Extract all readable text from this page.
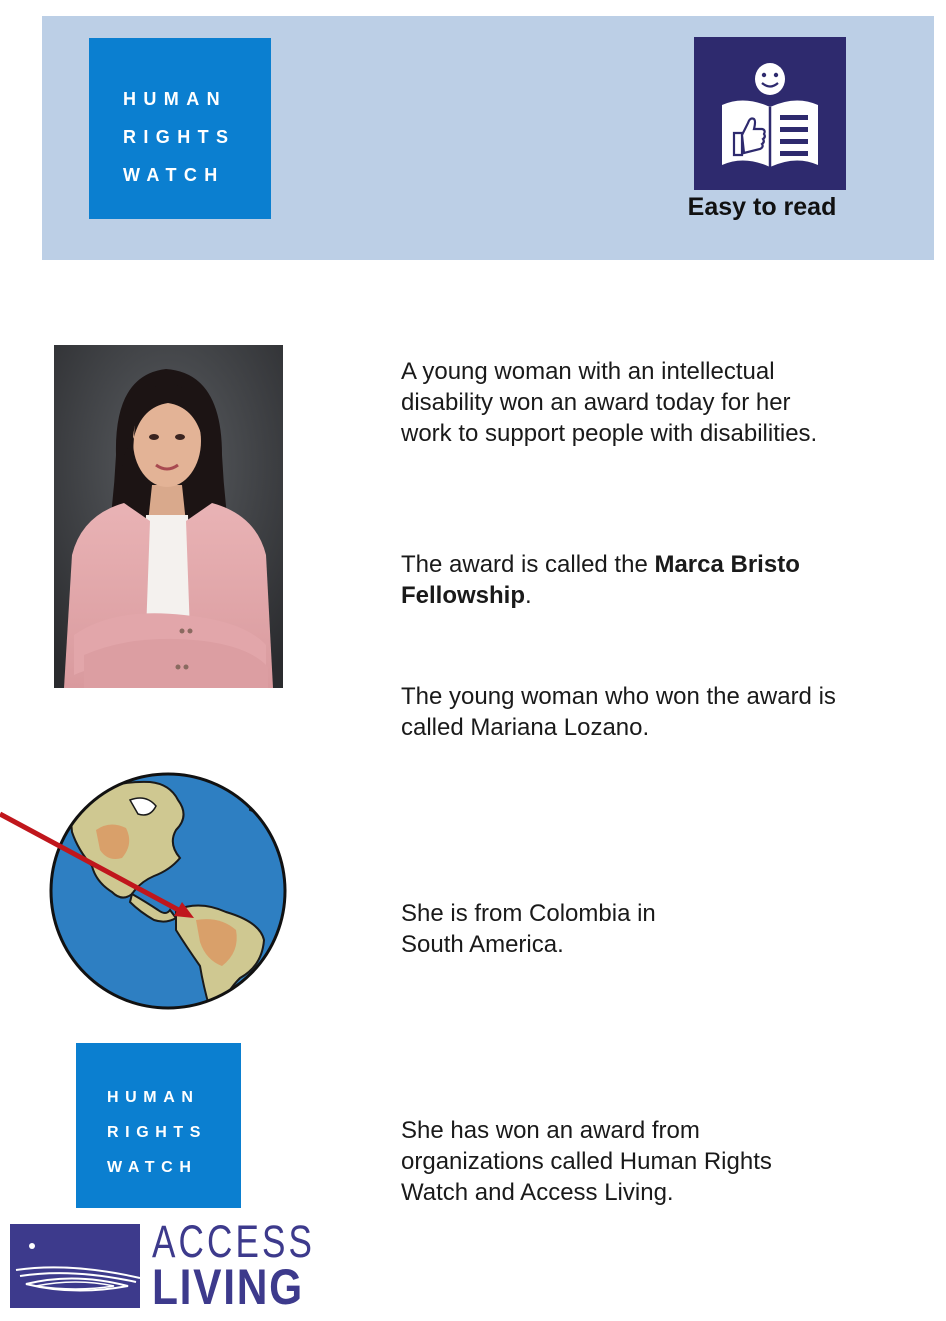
HUMAN
RIGHTS
WATCH
Easy to read
A young woman with an intellectual disability won an award today for her work to support people with disabilities.
The award is called the Marca Bristo Fellowship.
The young woman who won the award is called Mariana Lozano.
She is from Colombia in South America.
She has won an award from organizations called Human Rights Watch and Access Living.
HUMAN
RIGHTS
WATCH
ACCESS
LIVING
